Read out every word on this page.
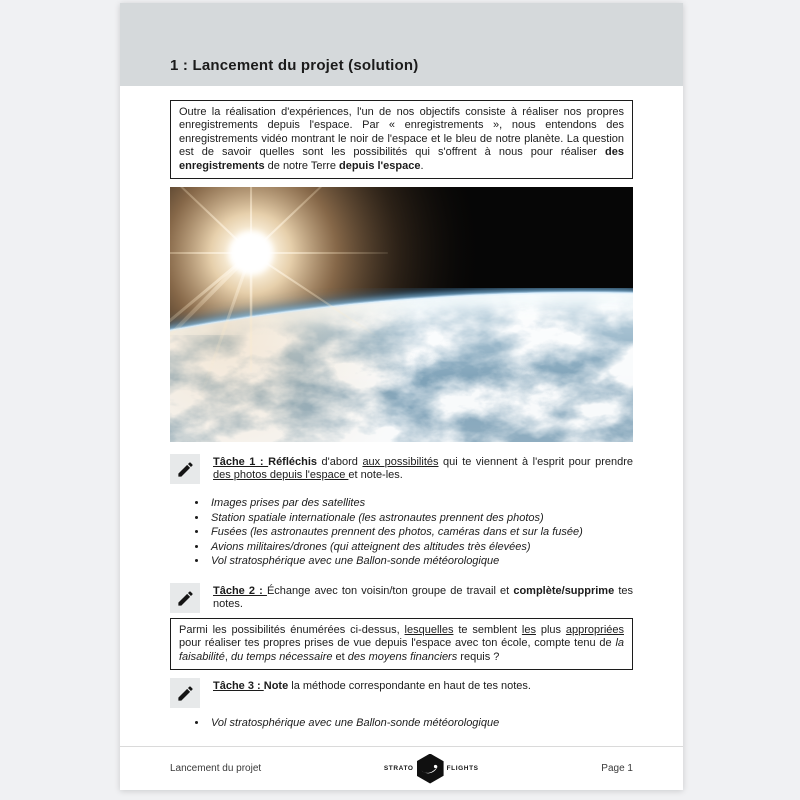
1 : Lancement du projet (solution)

Outre la réalisation d'expériences, l'un de nos objectifs consiste à réaliser nos propres enregistrements depuis l'espace. Par « enregistrements », nous entendons des enregistrements vidéo montrant le noir de l'espace et le bleu de notre planète. La question est de savoir quelles sont les possibilités qui s'offrent à nous pour réaliser des enregistrements de notre Terre depuis l'espace.

Tâche 1 : Réfléchis d'abord aux possibilités qui te viennent à l'esprit pour prendre des photos depuis l'espace et note-les.

• Images prises par des satellites
• Station spatiale internationale (les astronautes prennent des photos)
• Fusées (les astronautes prennent des photos, caméras dans et sur la fusée)
• Avions militaires/drones (qui atteignent des altitudes très élevées)
• Vol stratosphérique avec une Ballon-sonde météorologique

Tâche 2 : Échange avec ton voisin/ton groupe de travail et complète/supprime tes notes.

Parmi les possibilités énumérées ci-dessus, lesquelles te semblent les plus appropriées pour réaliser tes propres prises de vue depuis l'espace avec ton école, compte tenu de la faisabilité, du temps nécessaire et des moyens financiers requis ?

Tâche 3 : Note la méthode correspondante en haut de tes notes.

• Vol stratosphérique avec une Ballon-sonde météorologique
Lancement du projet	STRATO	FLIGHTS	Page 1
